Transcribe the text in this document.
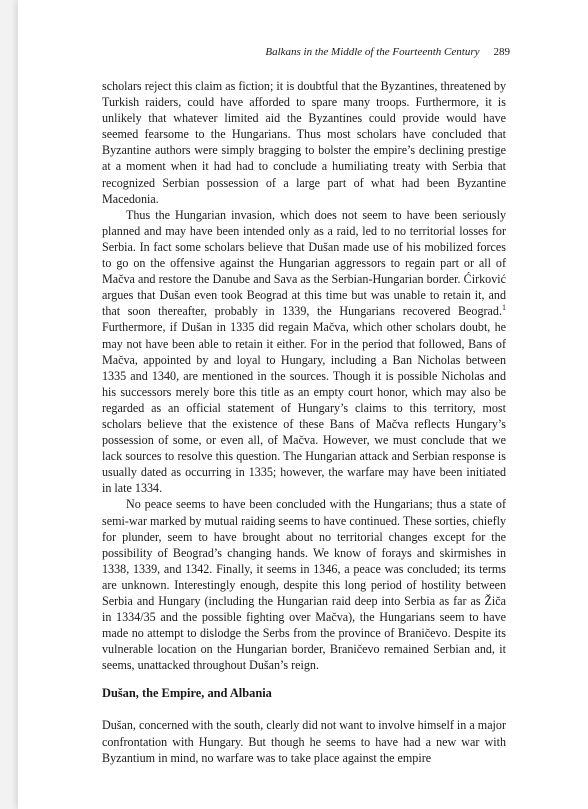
Balkans in the Middle of the Fourteenth Century 289

scholars reject this claim as fiction; it is doubtful that the Byzantines, threatened by Turkish raiders, could have afforded to spare many troops. Furthermore, it is unlikely that whatever limited aid the Byzantines could provide would have seemed fearsome to the Hungarians. Thus most scholars have concluded that Byzantine authors were simply bragging to bolster the empire’s declining prestige at a moment when it had had to conclude a humiliating treaty with Serbia that recognized Serbian possession of a large part of what had been Byzantine Macedonia.

Thus the Hungarian invasion, which does not seem to have been seriously planned and may have been intended only as a raid, led to no territorial losses for Serbia. In fact some scholars believe that Dušan made use of his mobilized forces to go on the offensive against the Hungarian aggressors to regain part or all of Mačva and restore the Danube and Sava as the Serbian-Hungarian border. Ćirković argues that Dušan even took Beograd at this time but was unable to retain it, and that soon thereafter, probably in 1339, the Hungarians recovered Beograd.$^1$ Furthermore, if Dušan in 1335 did regain Mačva, which other scholars doubt, he may not have been able to retain it either. For in the period that followed, Bans of Mačva, appointed by and loyal to Hungary, including a Ban Nicholas between 1335 and 1340, are mentioned in the sources. Though it is possible Nicholas and his successors merely bore this title as an empty court honor, which may also be regarded as an official statement of Hungary’s claims to this territory, most scholars believe that the existence of these Bans of Mačva reflects Hungary’s possession of some, or even all, of Mačva. However, we must conclude that we lack sources to resolve this question. The Hungarian attack and Serbian response is usually dated as occurring in 1335; however, the warfare may have been initiated in late 1334.

No peace seems to have been concluded with the Hungarians; thus a state of semi-war marked by mutual raiding seems to have continued. These sorties, chiefly for plunder, seem to have brought about no territorial changes except for the possibility of Beograd’s changing hands. We know of forays and skirmishes in 1338, 1339, and 1342. Finally, it seems in 1346, a peace was concluded; its terms are unknown. Interestingly enough, despite this long period of hostility between Serbia and Hungary (including the Hungarian raid deep into Serbia as far as Žiča in 1334/35 and the possible fighting over Mačva), the Hungarians seem to have made no attempt to dislodge the Serbs from the province of Braničevo. Despite its vulnerable location on the Hungarian border, Braničevo remained Serbian and, it seems, unattacked throughout Dušan’s reign.

Dušan, the Empire, and Albania

Dušan, concerned with the south, clearly did not want to involve himself in a major confrontation with Hungary. But though he seems to have had a new war with Byzantium in mind, no warfare was to take place against the empire
